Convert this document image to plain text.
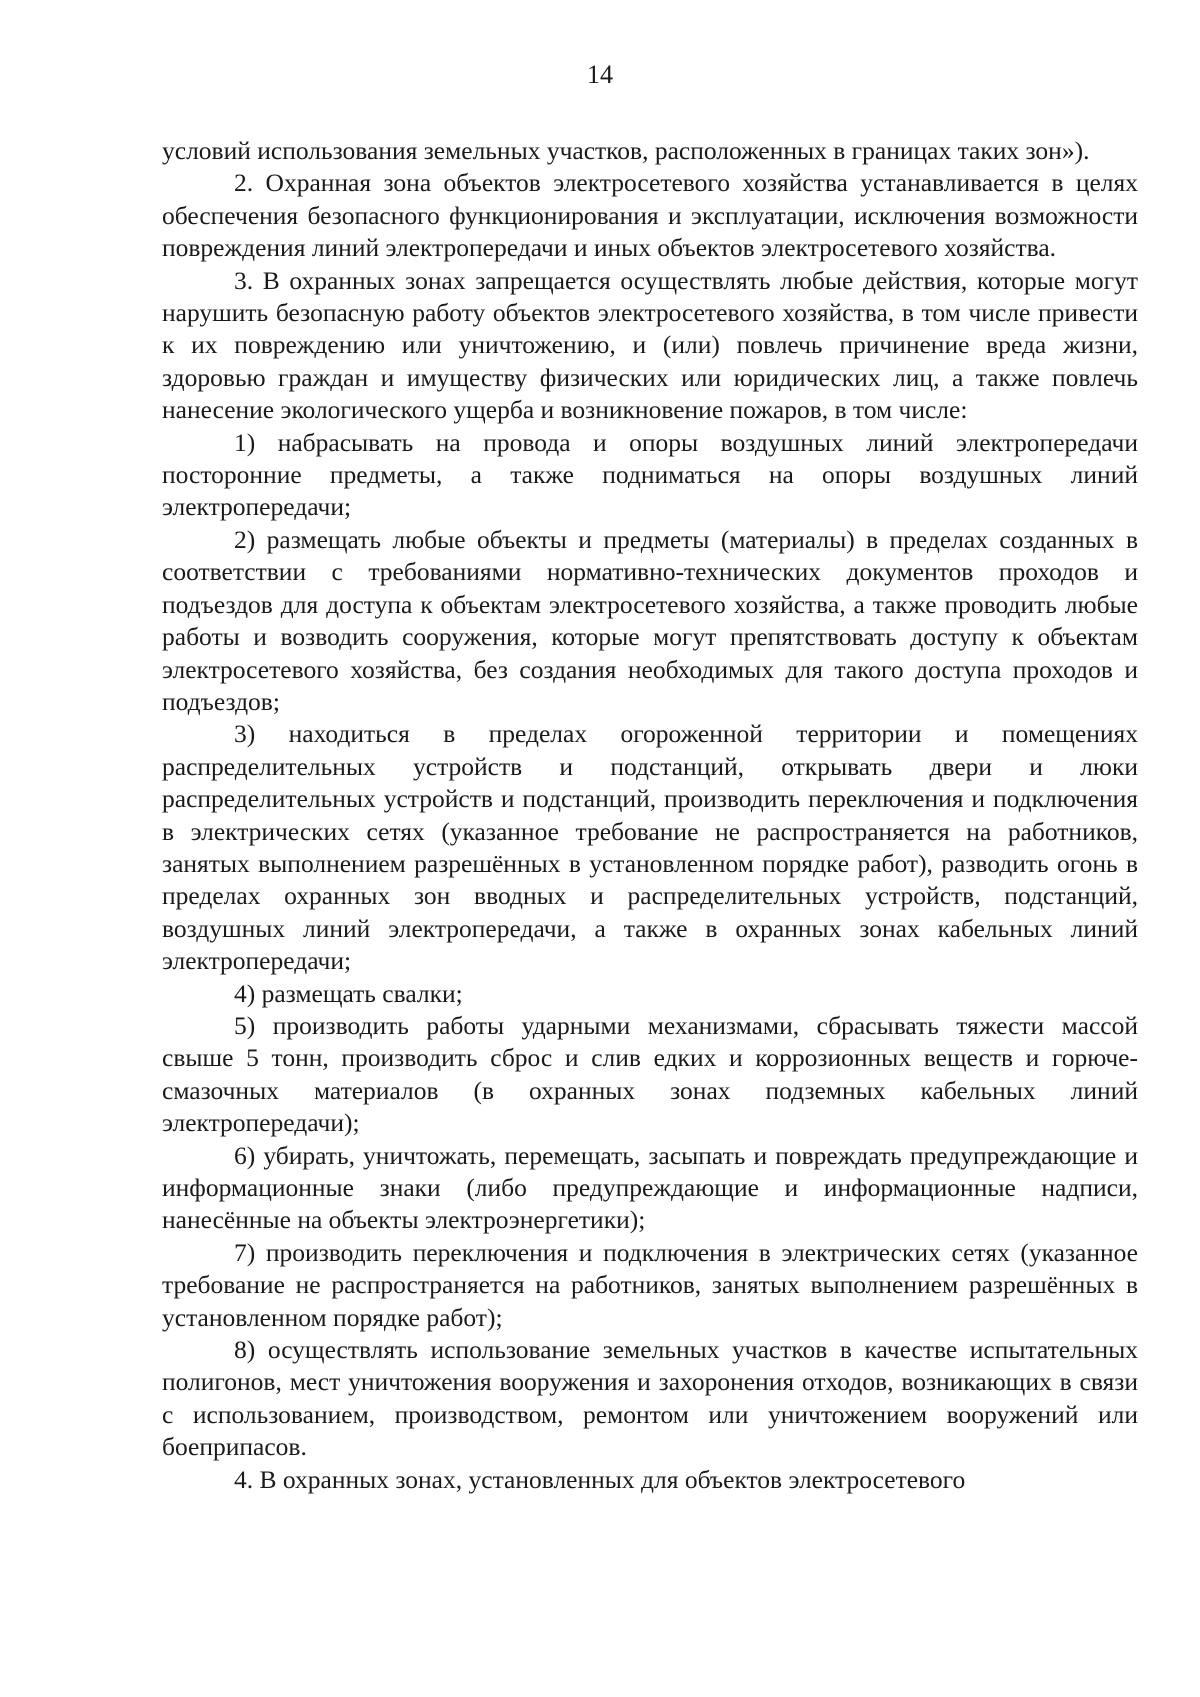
14

условий использования земельных участков, расположенных в границах таких зон»).

2. Охранная зона объектов электросетевого хозяйства устанавливается в целях обеспечения безопасного функционирования и эксплуатации, исключения возможности повреждения линий электропередачи и иных объектов электросетевого хозяйства.

3. В охранных зонах запрещается осуществлять любые действия, которые могут нарушить безопасную работу объектов электросетевого хозяйства, в том числе привести к их повреждению или уничтожению, и (или) повлечь причинение вреда жизни, здоровью граждан и имуществу физических или юридических лиц, а также повлечь нанесение экологического ущерба и возникновение пожаров, в том числе:

1) набрасывать на провода и опоры воздушных линий электропередачи посторонние предметы, а также подниматься на опоры воздушных линий электропередачи;

2) размещать любые объекты и предметы (материалы) в пределах созданных в соответствии с требованиями нормативно-технических документов проходов и подъездов для доступа к объектам электросетевого хозяйства, а также проводить любые работы и возводить сооружения, которые могут препятствовать доступу к объектам электросетевого хозяйства, без создания необходимых для такого доступа проходов и подъездов;

3) находиться в пределах огороженной территории и помещениях распределительных устройств и подстанций, открывать двери и люки распределительных устройств и подстанций, производить переключения и подключения в электрических сетях (указанное требование не распространяется на работников, занятых выполнением разрешённых в установленном порядке работ), разводить огонь в пределах охранных зон вводных и распределительных устройств, подстанций, воздушных линий электропередачи, а также в охранных зонах кабельных линий электропередачи;

4) размещать свалки;

5) производить работы ударными механизмами, сбрасывать тяжести массой свыше 5 тонн, производить сброс и слив едких и коррозионных веществ и горюче-смазочных материалов (в охранных зонах подземных кабельных линий электропередачи);

6) убирать, уничтожать, перемещать, засыпать и повреждать предупреждающие и информационные знаки (либо предупреждающие и информационные надписи, нанесённые на объекты электроэнергетики);

7) производить переключения и подключения в электрических сетях (указанное требование не распространяется на работников, занятых выполнением разрешённых в установленном порядке работ);

8) осуществлять использование земельных участков в качестве испытательных полигонов, мест уничтожения вооружения и захоронения отходов, возникающих в связи с использованием, производством, ремонтом или уничтожением вооружений или боеприпасов.

4. В охранных зонах, установленных для объектов электросетевого
